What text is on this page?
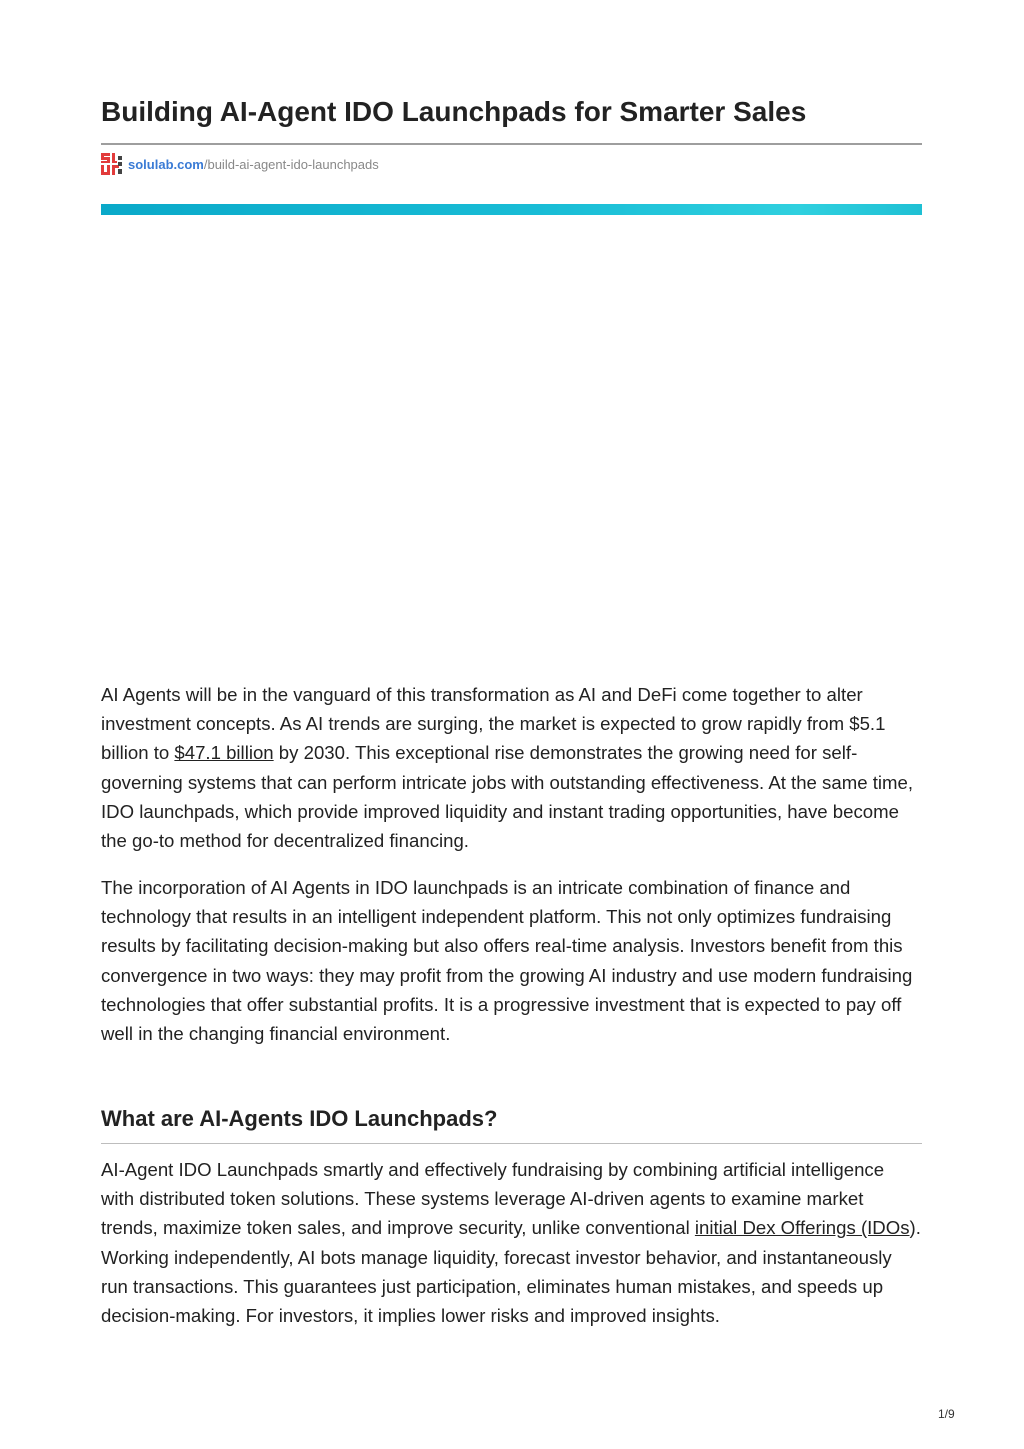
Building AI-Agent IDO Launchpads for Smarter Sales
solulab.com/build-ai-agent-ido-launchpads

AI Agents will be in the vanguard of this transformation as AI and DeFi come together to alter investment concepts. As AI trends are surging, the market is expected to grow rapidly from $5.1 billion to $47.1 billion by 2030. This exceptional rise demonstrates the growing need for self-governing systems that can perform intricate jobs with outstanding effectiveness. At the same time, IDO launchpads, which provide improved liquidity and instant trading opportunities, have become the go-to method for decentralized financing.

The incorporation of AI Agents in IDO launchpads is an intricate combination of finance and technology that results in an intelligent independent platform. This not only optimizes fundraising results by facilitating decision-making but also offers real-time analysis. Investors benefit from this convergence in two ways: they may profit from the growing AI industry and use modern fundraising technologies that offer substantial profits. It is a progressive investment that is expected to pay off well in the changing financial environment.

What are AI-Agents IDO Launchpads?

AI-Agent IDO Launchpads smartly and effectively fundraising by combining artificial intelligence with distributed token solutions. These systems leverage AI-driven agents to examine market trends, maximize token sales, and improve security, unlike conventional initial Dex Offerings (IDOs). Working independently, AI bots manage liquidity, forecast investor behavior, and instantaneously run transactions. This guarantees just participation, eliminates human mistakes, and speeds up decision-making. For investors, it implies lower risks and improved insights.

1/9
